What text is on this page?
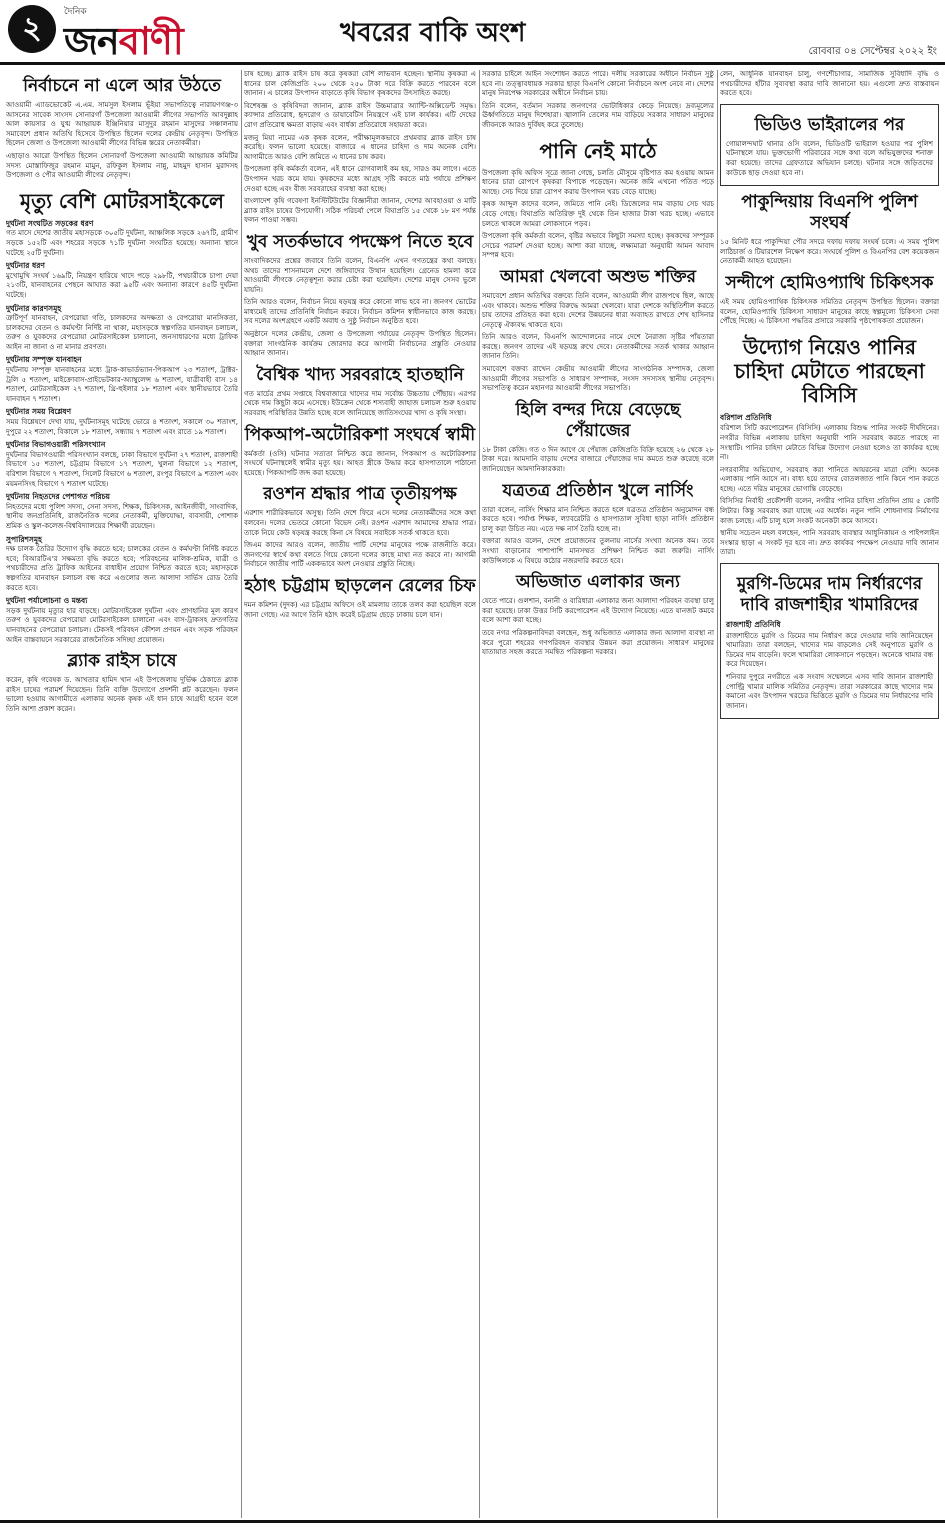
২	দৈনিক
জনবাণী	খবরের বাকি অংশ
রোববার ০৪ সেপ্টেম্বর ২০২২ ইং
নির্বাচনে না এলে আর উঠতে

আওয়ামী এ্যাডভোকেট এ.এম. সামসুল ইসলাম ভূঁইয়া সভাপতিত্বে নারায়ণগঞ্জ-৩ আসনের সাবেক সাংসদ সোনারগাঁ উপজেলা আওয়ামী লীগের সভাপতি আবদুল্লাহ আল কায়সার ও যুগ্ম আহ্বায়ক ইঞ্জিনিয়ার মাসুদুর রহমান মাসুদের সঞ্চালনায় সমাবেশে প্রধান অতিথি হিসেবে উপস্থিত ছিলেন দলের কেন্দ্রীয় নেতৃবৃন্দ। উপস্থিত ছিলেন জেলা ও উপজেলা আওয়ামী লীগের বিভিন্ন স্তরের নেতাকর্মীরা।

এছাড়াও আরো উপস্থিত ছিলেন সোনারগাঁ উপজেলা আওয়ামী আহ্বায়ক কমিটির সদস্য মোস্তাফিজুর রহমান মামুন, রফিকুল ইসলাম নান্নু, মাহমুদ হাসান মুরাদসহ উপজেলা ও পৌর আওয়ামী লীগের নেতৃবৃন্দ।

মৃত্যু বেশি মোটরসাইকেলে
দুর্ঘটনা সংঘটিত সড়কের ধরণ

গত মাসে দেশের জাতীয় মহাসড়কে ৩০৫টি দুর্ঘটনা, আঞ্চলিক সড়কে ২৬৭টি, গ্রামীণ সড়কে ১৫২টি এবং শহরের সড়কে ৭১টি দুর্ঘটনা সংঘটিত হয়েছে। অন্যান্য স্থানে ঘটেছে ২৫টি দুর্ঘটনা।

দুর্ঘটনার ধরণ

মুখোমুখি সংঘর্ষ ১৬৯টি, নিয়ন্ত্রণ হারিয়ে খাদে পড়ে ২৯৮টি, পথচারীকে চাপা দেয়া ২১৩টি, যানবাহনের পেছনে আঘাত করা ৯৫টি এবং অন্যান্য কারণে ৪৫টি দুর্ঘটনা ঘটেছে।

দুর্ঘটনার কারণসমূহ

ত্রুটিপূর্ণ যানবাহন, বেপরোয়া গতি, চালকদের অদক্ষতা ও বেপরোয়া মানসিকতা, চালকদের বেতন ও কর্মঘণ্টা নির্দিষ্ট না থাকা, মহাসড়কে স্বল্পগতির যানবাহন চলাচল, তরুণ ও যুবকদের বেপরোয়া মোটরসাইকেল চালানো, জনসাধারণের মধ্যে ট্রাফিক আইন না জানা ও না মানার প্রবণতা।

দুর্ঘটনায় সম্পৃক্ত যানবাহন

দুর্ঘটনায় সম্পৃক্ত যানবাহনের মধ্যে ট্রাক-কাভার্ডভ্যান-পিকআপ ২৩ শতাংশ, ট্রাক্টর-ট্রলি ৫ শতাংশ, মাইক্রোবাস-প্রাইভেটকার-অ্যাম্বুলেন্স ৬ শতাংশ, যাত্রীবাহী বাস ১৪ শতাংশ, মোটরসাইকেল ২৭ শতাংশ, থ্রি-হুইলার ১৮ শতাংশ এবং স্থানীয়ভাবে তৈরি যানবাহন ৭ শতাংশ।

দুর্ঘটনার সময় বিশ্লেষণ

সময় বিশ্লেষণে দেখা যায়, দুর্ঘটনাসমূহ ঘটেছে ভোরে ৪ শতাংশ, সকালে ৩০ শতাংশ, দুপুরে ২২ শতাংশ, বিকালে ১৮ শতাংশ, সন্ধ্যায় ৭ শতাংশ এবং রাতে ১৯ শতাংশ।

দুর্ঘটনার বিভাগওয়ারী পরিসংখ্যান

দুর্ঘটনার বিভাগওয়ারী পরিসংখ্যান বলছে, ঢাকা বিভাগে দুর্ঘটনা ২৭ শতাংশ, রাজশাহী বিভাগে ১৫ শতাংশ, চট্টগ্রাম বিভাগে ১৭ শতাংশ, খুলনা বিভাগে ১২ শতাংশ, বরিশাল বিভাগে ৭ শতাংশ, সিলেট বিভাগে ৬ শতাংশ, রংপুর বিভাগে ৯ শতাংশ এবং ময়মনসিংহ বিভাগে ৭ শতাংশ ঘটেছে।

দুর্ঘটনায় নিহতদের পেশাগত পরিচয়

নিহতদের মধ্যে পুলিশ সদস্য, সেনা সদস্য, শিক্ষক, চিকিৎসক, আইনজীবী, সাংবাদিক, স্থানীয় জনপ্রতিনিধি, রাজনৈতিক দলের নেতাকর্মী, মুক্তিযোদ্ধা, ব্যবসায়ী, পোশাক শ্রমিক ও স্কুল-কলেজ-বিশ্ববিদ্যালয়ের শিক্ষার্থী রয়েছেন।

সুপারিশসমূহ

দক্ষ চালক তৈরির উদ্যোগ বৃদ্ধি করতে হবে; চালকের বেতন ও কর্মঘণ্টা নির্দিষ্ট করতে হবে; বিআরটিএ'র সক্ষমতা বৃদ্ধি করতে হবে; পরিবহনের মালিক-শ্রমিক, যাত্রী ও পথচারীদের প্রতি ট্রাফিক আইনের বাধাহীন প্রয়োগ নিশ্চিত করতে হবে; মহাসড়কে স্বল্পগতির যানবাহন চলাচল বন্ধ করে এগুলোর জন্য আলাদা সার্ভিস রোড তৈরি করতে হবে।

দুর্ঘটনা পর্যালোচনা ও মন্তব্য

সড়ক দুর্ঘটনায় মৃত্যুর হার বাড়ছে। মোটরসাইকেল দুর্ঘটনা এবং প্রাণহানির মূল কারণ তরুণ ও যুবকদের বেপরোয়া মোটরসাইকেল চালানো এবং বাস-ট্রাকসহ দ্রুতগতির যানবাহনের বেপরোয়া চলাচল। টেকসই পরিবহন কৌশল প্রণয়ন এবং সড়ক পরিবহন আইন বাস্তবায়নে সরকারের রাজনৈতিক সদিচ্ছা প্রয়োজন।

ব্ল্যাক রাইস চাষে

করেন, কৃষি গবেষক ড. আখতার হামিদ খান এই উপজেলায় দুর্ভিক্ষ ঠেকাতে ব্ল্যাক রাইস চাষের পরামর্শ দিয়েছেন। তিনি ব্যক্তি উদ্যোগে প্রদর্শনী প্লট করেছেন। ফলন ভালো হওয়ায় আগামীতে এলাকার অনেক কৃষক এই ধান চাষে আগ্রহী হবেন বলে তিনি আশা প্রকাশ করেন।

চাষ হচ্ছে। ব্ল্যাক রাইস চাষ করে কৃষকরা বেশি লাভবান হচ্ছেন। স্থানীয় কৃষকরা এ ধানের চাল কেজিপ্রতি ২০০ থেকে ২৫০ টাকা দরে বিক্রি করতে পারবেন বলে জানান। এ চালের উৎপাদন বাড়াতে কৃষি বিভাগ কৃষকদের উৎসাহিত করছে।

বিশেষজ্ঞ ও কৃষিবিদরা জানান, ব্ল্যাক রাইস উচ্চমাত্রার অ্যান্টি-অক্সিডেন্ট সমৃদ্ধ। ক্যান্সার প্রতিরোধ, হৃদরোগ ও ডায়াবেটিস নিয়ন্ত্রণে এই চাল কার্যকর। এটি দেহের রোগ প্রতিরোধ ক্ষমতা বাড়ায় এবং বার্ধক্য প্রতিরোধে সহায়তা করে।

মজনু মিয়া নামের এক কৃষক বলেন, পরীক্ষামূলকভাবে প্রথমবার ব্ল্যাক রাইস চাষ করেছি। ফলন ভালো হয়েছে। বাজারে এ ধানের চাহিদা ও দাম অনেক বেশি। আগামীতে আরও বেশি জমিতে এ ধানের চাষ করব।

উপজেলা কৃষি কর্মকর্তা বলেন, এই ধানে রোগবালাই কম হয়, সারও কম লাগে। এতে উৎপাদন খরচ কমে যায়। কৃষকদের মধ্যে আগ্রহ সৃষ্টি করতে মাঠ পর্যায়ে প্রশিক্ষণ দেওয়া হচ্ছে এবং বীজ সরবরাহের ব্যবস্থা করা হচ্ছে।

বাংলাদেশ কৃষি গবেষণা ইনস্টিটিউটের বিজ্ঞানীরা জানান, দেশের আবহাওয়া ও মাটি ব্ল্যাক রাইস চাষের উপযোগী। সঠিক পরিচর্যা পেলে বিঘাপ্রতি ১৫ থেকে ১৮ মণ পর্যন্ত ফলন পাওয়া সম্ভব।

খুব সতর্কভাবে পদক্ষেপ নিতে হবে

সাংবাদিকদের প্রশ্নের জবাবে তিনি বলেন, বিএনপি এখন গণতন্ত্রের কথা বলছে। অথচ তাদের শাসনামলে দেশে জঙ্গিবাদের উত্থান হয়েছিল। গ্রেনেড হামলা করে আওয়ামী লীগকে নেতৃত্বশূন্য করার চেষ্টা করা হয়েছিল। দেশের মানুষ সেসব ভুলে যায়নি।

তিনি আরও বলেন, নির্বাচন নিয়ে ষড়যন্ত্র করে কোনো লাভ হবে না। জনগণ ভোটের মাধ্যমেই তাদের প্রতিনিধি নির্বাচন করবে। নির্বাচন কমিশন স্বাধীনভাবে কাজ করছে। সব দলের অংশগ্রহণে একটি অবাধ ও সুষ্ঠু নির্বাচন অনুষ্ঠিত হবে।

অনুষ্ঠানে দলের কেন্দ্রীয়, জেলা ও উপজেলা পর্যায়ের নেতৃবৃন্দ উপস্থিত ছিলেন। বক্তারা সাংগঠনিক কার্যক্রম জোরদার করে আগামী নির্বাচনের প্রস্তুতি নেওয়ার আহ্বান জানান।

বৈশ্বিক খাদ্য সরবরাহে হাতছানি

গত মার্চের প্রথম সপ্তাহে বিশ্ববাজারে খাদ্যের দাম সর্বোচ্চ উচ্চতায় পৌঁছায়। এরপর থেকে দাম কিছুটা কমে এসেছে। ইউক্রেন থেকে শস্যবাহী জাহাজ চলাচল শুরু হওয়ায় সরবরাহ পরিস্থিতির উন্নতি হচ্ছে বলে জানিয়েছে জাতিসংঘের খাদ্য ও কৃষি সংস্থা।

পিকআপ-অটোরিকশা সংঘর্ষে স্বামী

কর্মকর্তা (ওসি) ঘটনার সত্যতা নিশ্চিত করে জানান, পিকআপ ও অটোরিকশার সংঘর্ষে ঘটনাস্থলেই স্বামীর মৃত্যু হয়। আহত স্ত্রীকে উদ্ধার করে হাসপাতালে পাঠানো হয়েছে। পিকআপটি জব্দ করা হয়েছে।

রওশন শ্রদ্ধার পাত্র তৃতীয়পক্ষ

এরশাদ শারীরিকভাবে অসুস্থ। তিনি দেশে ফিরে এসে দলের নেতাকর্মীদের সঙ্গে কথা বলবেন। দলের ভেতরে কোনো বিভেদ নেই। রওশন এরশাদ আমাদের শ্রদ্ধার পাত্র। তাকে নিয়ে কেউ ষড়যন্ত্র করছে কিনা সে বিষয়ে সবাইকে সতর্ক থাকতে হবে।

জিএম কাদের আরও বলেন, জাতীয় পার্টি দেশের মানুষের পক্ষে রাজনীতি করে। জনগণের স্বার্থে কথা বলতে গিয়ে কোনো দলের কাছে মাথা নত করবে না। আগামী নির্বাচনে জাতীয় পার্টি এককভাবে অংশ নেওয়ার প্রস্তুতি নিচ্ছে।

হঠাৎ চট্টগ্রাম ছাড়লেন রেলের চিফ

দমন কমিশন (দুদক) এর চট্টগ্রাম অফিসে ওই মামলায় তাকে তলব করা হয়েছিল বলে জানা গেছে। এর আগে তিনি হঠাৎ করেই চট্টগ্রাম ছেড়ে ঢাকায় চলে যান।

সরকার চাইলে আইন সংশোধন করতে পারে। দলীয় সরকারের অধীনে নির্বাচন সুষ্ঠু হবে না। তত্ত্বাবধায়ক সরকার ছাড়া বিএনপি কোনো নির্বাচনে অংশ নেবে না। দেশের মানুষ নিরপেক্ষ সরকারের অধীনে নির্বাচন চায়।

তিনি বলেন, বর্তমান সরকার জনগণের ভোটাধিকার কেড়ে নিয়েছে। দ্রব্যমূল্যের ঊর্ধ্বগতিতে মানুষ দিশেহারা। জ্বালানি তেলের দাম বাড়িয়ে সরকার সাধারণ মানুষের জীবনকে আরও দুর্বিষহ করে তুলেছে।

পানি নেই মাঠে

উপজেলা কৃষি অফিস সূত্রে জানা গেছে, চলতি মৌসুমে বৃষ্টিপাত কম হওয়ায় আমন ধানের চারা রোপণে কৃষকরা বিপাকে পড়েছেন। অনেক জমি এখনো পতিত পড়ে আছে। সেচ দিয়ে চারা রোপণ করায় উৎপাদন খরচ বেড়ে যাচ্ছে।

কৃষক আব্দুল কাদের বলেন, জমিতে পানি নেই। ডিজেলের দাম বাড়ায় সেচ খরচ বেড়ে গেছে। বিঘাপ্রতি অতিরিক্ত দুই থেকে তিন হাজার টাকা খরচ হচ্ছে। এভাবে চলতে থাকলে আমরা লোকসানে পড়ব।

উপজেলা কৃষি কর্মকর্তা বলেন, বৃষ্টির অভাবে কিছুটা সমস্যা হচ্ছে। কৃষকদের সম্পূরক সেচের পরামর্শ দেওয়া হচ্ছে। আশা করা যাচ্ছে, লক্ষ্যমাত্রা অনুযায়ী আমন আবাদ সম্পন্ন হবে।

আমরা খেলবো অশুভ শক্তির

সমাবেশে প্রধান অতিথির বক্তব্যে তিনি বলেন, আওয়ামী লীগ রাজপথে ছিল, আছে এবং থাকবে। অশুভ শক্তির বিরুদ্ধে আমরা খেলবো। যারা দেশকে অস্থিতিশীল করতে চায় তাদের প্রতিহত করা হবে। দেশের উন্নয়নের ধারা অব্যাহত রাখতে শেখ হাসিনার নেতৃত্বে ঐক্যবদ্ধ থাকতে হবে।

তিনি আরও বলেন, বিএনপি আন্দোলনের নামে দেশে নৈরাজ্য সৃষ্টির পাঁয়তারা করছে। জনগণ তাদের এই ষড়যন্ত্র রুখে দেবে। নেতাকর্মীদের সতর্ক থাকার আহ্বান জানান তিনি।

সমাবেশে বক্তব্য রাখেন কেন্দ্রীয় আওয়ামী লীগের সাংগঠনিক সম্পাদক, জেলা আওয়ামী লীগের সভাপতি ও সাধারণ সম্পাদক, সংসদ সদস্যসহ স্থানীয় নেতৃবৃন্দ। সভাপতিত্ব করেন মহানগর আওয়ামী লীগের সভাপতি।

হিলি বন্দর দিয়ে বেড়েছে পেঁয়াজের

১৮ টাকা কেজি। গত ৩ দিন আগে যে পেঁয়াজ কেজিপ্রতি বিক্রি হয়েছে ২৬ থেকে ২৮ টাকা দরে। আমদানি বাড়ায় দেশের বাজারে পেঁয়াজের দাম কমতে শুরু করেছে বলে জানিয়েছেন আমদানিকারকরা।

যত্রতত্র প্রতিষ্ঠান খুলে নার্সিং

তারা বলেন, নার্সিং শিক্ষার মান নিশ্চিত করতে হলে যত্রতত্র প্রতিষ্ঠান অনুমোদন বন্ধ করতে হবে। পর্যাপ্ত শিক্ষক, ল্যাবরেটরি ও হাসপাতাল সুবিধা ছাড়া নার্সিং প্রতিষ্ঠান চালু করা উচিত নয়। এতে দক্ষ নার্স তৈরি হচ্ছে না।

বক্তারা আরও বলেন, দেশে প্রয়োজনের তুলনায় নার্সের সংখ্যা অনেক কম। তবে সংখ্যা বাড়ানোর পাশাপাশি মানসম্মত প্রশিক্ষণ নিশ্চিত করা জরুরি। নার্সিং কাউন্সিলকে এ বিষয়ে কঠোর নজরদারি করতে হবে।

অভিজাত এলাকার জন্য

যেতে পারে। গুলশান, বনানী ও বারিধারা এলাকার জন্য আলাদা পরিবহন ব্যবস্থা চালু করা হয়েছে। ঢাকা উত্তর সিটি করপোরেশন এই উদ্যোগ নিয়েছে। এতে যানজট কমবে বলে আশা করা হচ্ছে।

তবে নগর পরিকল্পনাবিদরা বলছেন, শুধু অভিজাত এলাকার জন্য আলাদা ব্যবস্থা না করে পুরো শহরের গণপরিবহন ব্যবস্থার উন্নয়ন করা প্রয়োজন। সাধারণ মানুষের যাতায়াত সহজ করতে সমন্বিত পরিকল্পনা দরকার।

লেন, আধুনিক যানবাহন চালু, গণশৌচাগার, সামাজিক সুবিধাদি বৃদ্ধি ও পথচারীদের হাঁটার সুব্যবস্থা করার দাবি জানানো হয়। এগুলো দ্রুত বাস্তবায়ন করতে হবে।

ভিডিও ভাইরালের পর

গোয়ালন্দঘাট থানার ওসি বলেন, ভিডিওটি ভাইরাল হওয়ার পর পুলিশ ঘটনাস্থলে যায়। ভুক্তভোগী পরিবারের সঙ্গে কথা বলে অভিযুক্তদের শনাক্ত করা হয়েছে। তাদের গ্রেফতারে অভিযান চলছে। ঘটনার সঙ্গে জড়িতদের কাউকে ছাড় দেওয়া হবে না।

পাকুন্দিয়ায় বিএনপি পুলিশ সংঘর্ষ

১৫ মিনিট ধরে পাকুন্দিয়া পৌর সদরে দফায় দফায় সংঘর্ষ চলে। এ সময় পুলিশ লাঠিচার্জ ও টিয়ারশেল নিক্ষেপ করে। সংঘর্ষে পুলিশ ও বিএনপির বেশ কয়েকজন নেতাকর্মী আহত হয়েছেন।

সন্দীপে হোমিওপ্যাথি চিকিৎসক

এই সময় হোমিওপ্যাথিক চিকিৎসক সমিতির নেতৃবৃন্দ উপস্থিত ছিলেন। বক্তারা বলেন, হোমিওপ্যাথি চিকিৎসা সাধারণ মানুষের কাছে স্বল্পমূল্যে চিকিৎসা সেবা পৌঁছে দিচ্ছে। এ চিকিৎসা পদ্ধতির প্রসারে সরকারি পৃষ্ঠপোষকতা প্রয়োজন।

উদ্যোগ নিয়েও পানির চাহিদা মেটাতে পারছেনা বিসিসি
বরিশাল প্রতিনিধি

বরিশাল সিটি করপোরেশন (বিসিসি) এলাকায় বিশুদ্ধ পানির সংকট দীর্ঘদিনের। নগরীর বিভিন্ন এলাকায় চাহিদা অনুযায়ী পানি সরবরাহ করতে পারছে না সংস্থাটি। পানির চাহিদা মেটাতে বিভিন্ন উদ্যোগ নেওয়া হলেও তা কার্যকর হচ্ছে না।

নগরবাসীর অভিযোগ, সরবরাহ করা পানিতে আয়রনের মাত্রা বেশি। অনেক এলাকায় পানি আসে না। বাধ্য হয়ে তাদের বোতলজাত পানি কিনে পান করতে হচ্ছে। এতে দরিদ্র মানুষের ভোগান্তি বেড়েছে।

বিসিসির নির্বাহী প্রকৌশলী বলেন, নগরীর পানির চাহিদা প্রতিদিন প্রায় ৫ কোটি লিটার। কিন্তু সরবরাহ করা যাচ্ছে এর অর্ধেক। নতুন পানি শোধনাগার নির্মাণের কাজ চলছে। এটি চালু হলে সংকট অনেকটা কমে আসবে।

স্থানীয় সচেতন মহল বলছেন, পানি সরবরাহ ব্যবস্থার আধুনিকায়ন ও পাইপলাইন সংস্কার ছাড়া এ সংকট দূর হবে না। দ্রুত কার্যকর পদক্ষেপ নেওয়ার দাবি জানান তারা।

মুরগি-ডিমের দাম নির্ধারণের দাবি রাজশাহীর খামারিদের
রাজশাহী প্রতিনিধি

রাজশাহীতে মুরগি ও ডিমের দাম নির্ধারণ করে দেওয়ার দাবি জানিয়েছেন খামারিরা। তারা বলছেন, খাদ্যের দাম বাড়লেও সেই অনুপাতে মুরগি ও ডিমের দাম বাড়েনি। ফলে খামারিরা লোকসানে পড়ছেন। অনেকে খামার বন্ধ করে দিয়েছেন।

শনিবার দুপুরে নগরীতে এক সংবাদ সম্মেলনে এসব দাবি জানান রাজশাহী পোল্ট্রি খামার মালিক সমিতির নেতৃবৃন্দ। তারা সরকারের কাছে খাদ্যের দাম কমানো এবং উৎপাদন খরচের ভিত্তিতে মুরগি ও ডিমের দাম নির্ধারণের দাবি জানান।
